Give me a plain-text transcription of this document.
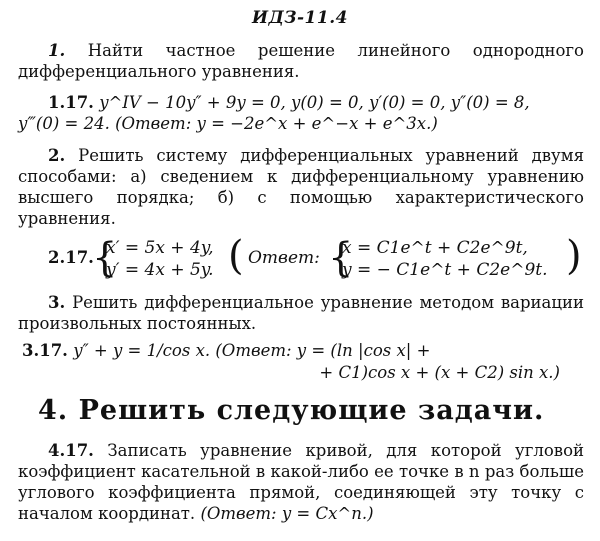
ИДЗ-11.4
1. Найти частное решение линейного однородного дифференциального уравнения.
1.17. y^IV − 10y″ + 9y = 0, y(0) = 0, y′(0) = 0, y″(0) = 8,
y‴(0) = 24. (Ответ: y = −2e^x + e^−x + e^3x.)
2. Решить систему дифференциальных уравнений двумя способами: а) сведением к дифференциальному уравнению высшего порядка; б) с помощью характеристического уравнения.
2.17.
{
x′ = 5x + 4y,
y′ = 4x + 5y. ( Ответ: {
x = C1e^t + C2e^9t,
y = − C1e^t + C2e^9t. )
3. Решить дифференциальное уравнение методом вариации произвольных постоянных.
3.17. y″ + y = 1/cos x. (Ответ: y = (ln |cos x| +
+ C1)cos x + (x + C2) sin x.)
4. Решить следующие задачи.
4.17. Записать уравнение кривой, для которой угловой коэффициент касательной в какой-либо ее точке в n раз больше углового коэффициента прямой, соединяющей эту точку с началом координат. (Ответ: y = Cx^n.)
